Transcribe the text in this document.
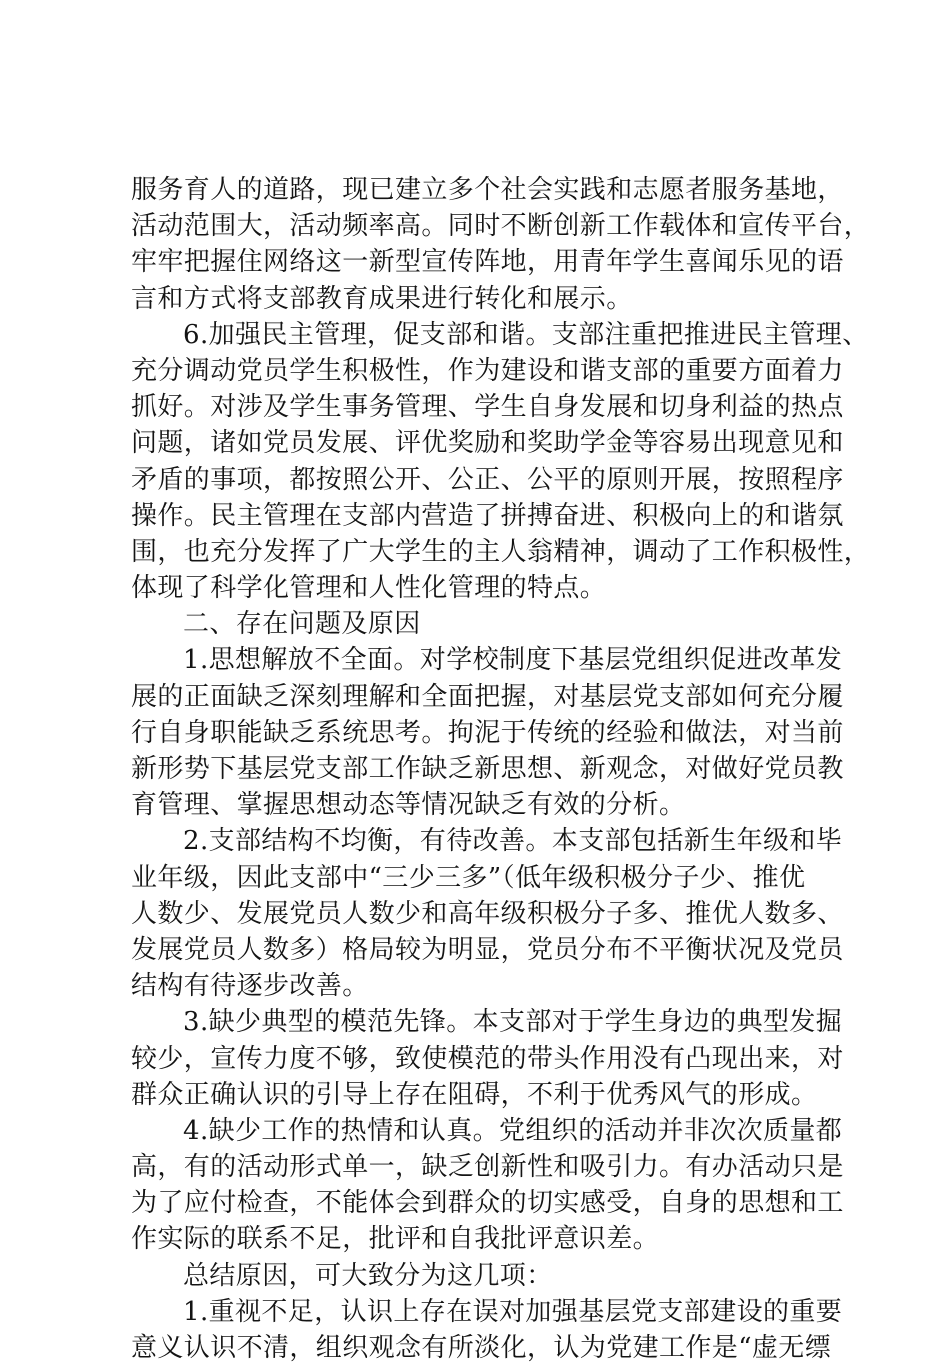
服务育人的道路，现已建立多个社会实践和志愿者服务基地，
活动范围大，活动频率高。同时不断创新工作载体和宣传平台，
牢牢把握住网络这一新型宣传阵地，用青年学生喜闻乐见的语
言和方式将支部教育成果进行转化和展示。
6.加强民主管理，促支部和谐。支部注重把推进民主管理、
充分调动党员学生积极性，作为建设和谐支部的重要方面着力
抓好。对涉及学生事务管理、学生自身发展和切身利益的热点
问题，诸如党员发展、评优奖励和奖助学金等容易出现意见和
矛盾的事项，都按照公开、公正、公平的原则开展，按照程序
操作。民主管理在支部内营造了拼搏奋进、积极向上的和谐氛
围，也充分发挥了广大学生的主人翁精神，调动了工作积极性，
体现了科学化管理和人性化管理的特点。
二、存在问题及原因
1.思想解放不全面。对学校制度下基层党组织促进改革发
展的正面缺乏深刻理解和全面把握，对基层党支部如何充分履
行自身职能缺乏系统思考。拘泥于传统的经验和做法，对当前
新形势下基层党支部工作缺乏新思想、新观念，对做好党员教
育管理、掌握思想动态等情况缺乏有效的分析。
2.支部结构不均衡，有待改善。本支部包括新生年级和毕
业年级，因此支部中“三少三多”（低年级积极分子少、推优
人数少、发展党员人数少和高年级积极分子多、推优人数多、
发展党员人数多）格局较为明显，党员分布不平衡状况及党员
结构有待逐步改善。
3.缺少典型的模范先锋。本支部对于学生身边的典型发掘
较少，宣传力度不够，致使模范的带头作用没有凸现出来，对
群众正确认识的引导上存在阻碍，不利于优秀风气的形成。
4.缺少工作的热情和认真。党组织的活动并非次次质量都
高，有的活动形式单一，缺乏创新性和吸引力。有办活动只是
为了应付检查，不能体会到群众的切实感受，自身的思想和工
作实际的联系不足，批评和自我批评意识差。
总结原因，可大致分为这几项：
1.重视不足，认识上存在误对加强基层党支部建设的重要
意义认识不清，组织观念有所淡化，认为党建工作是“虚无缥
